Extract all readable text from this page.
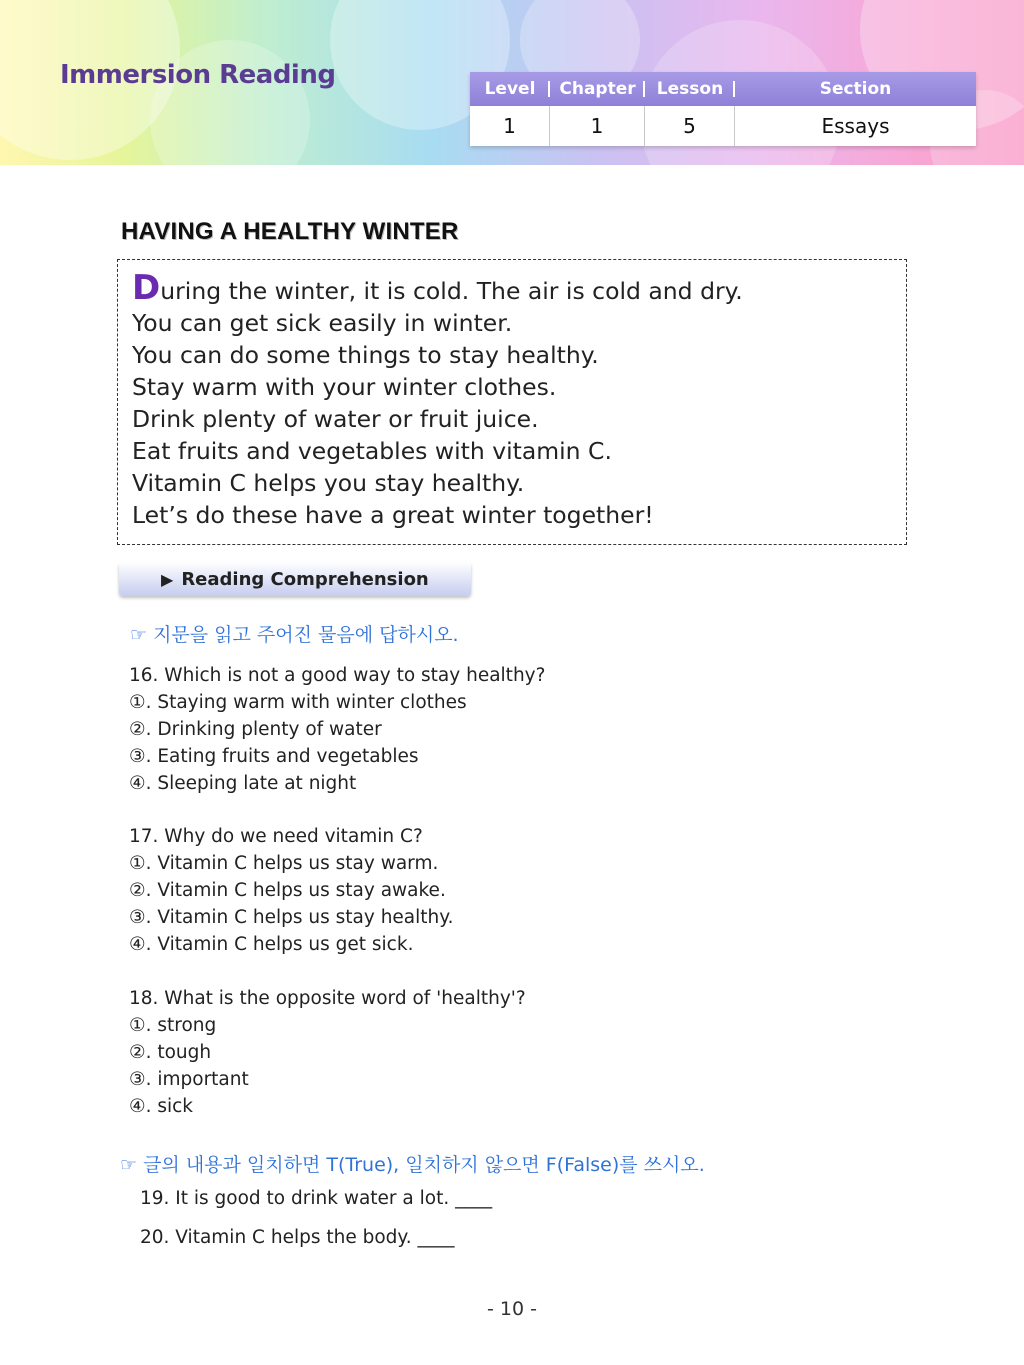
Immersion Reading	Level Chapter Lesson	Section
1	1	5	Essays
HAVING A HEALTHY WINTER

During the winter, it is cold. The air is cold and dry.

You can get sick easily in winter.

You can do some things to stay healthy.

Stay warm with your winter clothes.

Drink plenty of water or fruit juice.

Eat fruits and vegetables with vitamin C.

Vitamin C helps you stay healthy.

Let’s do these have a great winter together!

▶ Reading Comprehension
☞ 지문을 읽고 주어진 물음에 답하시오.
16. Which is not a good way to stay healthy?
①. Staying warm with winter clothes
②. Drinking plenty of water
③. Eating fruits and vegetables
④. Sleeping late at night
17. Why do we need vitamin C?
①. Vitamin C helps us stay warm.
②. Vitamin C helps us stay awake.
③. Vitamin C helps us stay healthy.
④. Vitamin C helps us get sick.
18. What is the opposite word of 'healthy'?
①. strong
②. tough
③. important
④. sick
☞ 글의 내용과 일치하면 T(True), 일치하지 않으면 F(False)를 쓰시오.
19. It is good to drink water a lot. ____
20. Vitamin C helps the body. ____
- 10 -
